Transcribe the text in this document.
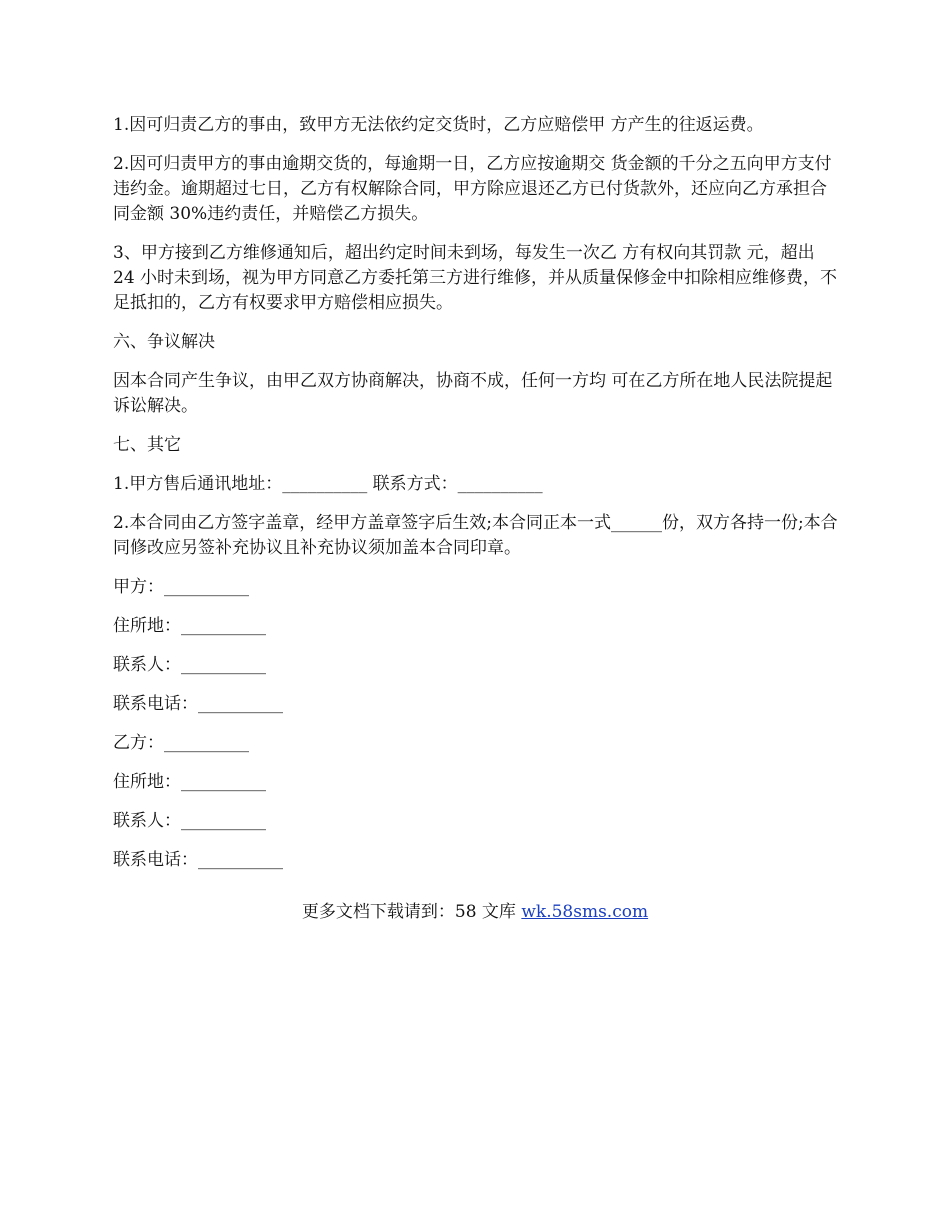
1.因可归责乙方的事由，致甲方无法依约定交货时，乙方应赔偿甲 方产生的往返运费。

2.因可归责甲方的事由逾期交货的，每逾期一日，乙方应按逾期交 货金额的千分之五向甲方支付违约金。逾期超过七日，乙方有权解除合同，甲方除应退还乙方已付货款外，还应向乙方承担合同金额 30%违约责任，并赔偿乙方损失。

3、甲方接到乙方维修通知后，超出约定时间未到场，每发生一次乙 方有权向其罚款 元，超出 24 小时未到场，视为甲方同意乙方委托第三方进行维修，并从质量保修金中扣除相应维修费，不足抵扣的，乙方有权要求甲方赔偿相应损失。

六、争议解决

因本合同产生争议，由甲乙双方协商解决，协商不成，任何一方均 可在乙方所在地人民法院提起诉讼解决。

七、其它

1.甲方售后通讯地址：__________ 联系方式：__________

2.本合同由乙方签字盖章，经甲方盖章签字后生效;本合同正本一式______份，双方各持一份;本合同修改应另签补充协议且补充协议须加盖本合同印章。

甲方：__________

住所地：__________

联系人：__________

联系电话：__________

乙方：__________

住所地：__________

联系人：__________

联系电话：__________

更多文档下载请到：58 文库 wk.58sms.com
